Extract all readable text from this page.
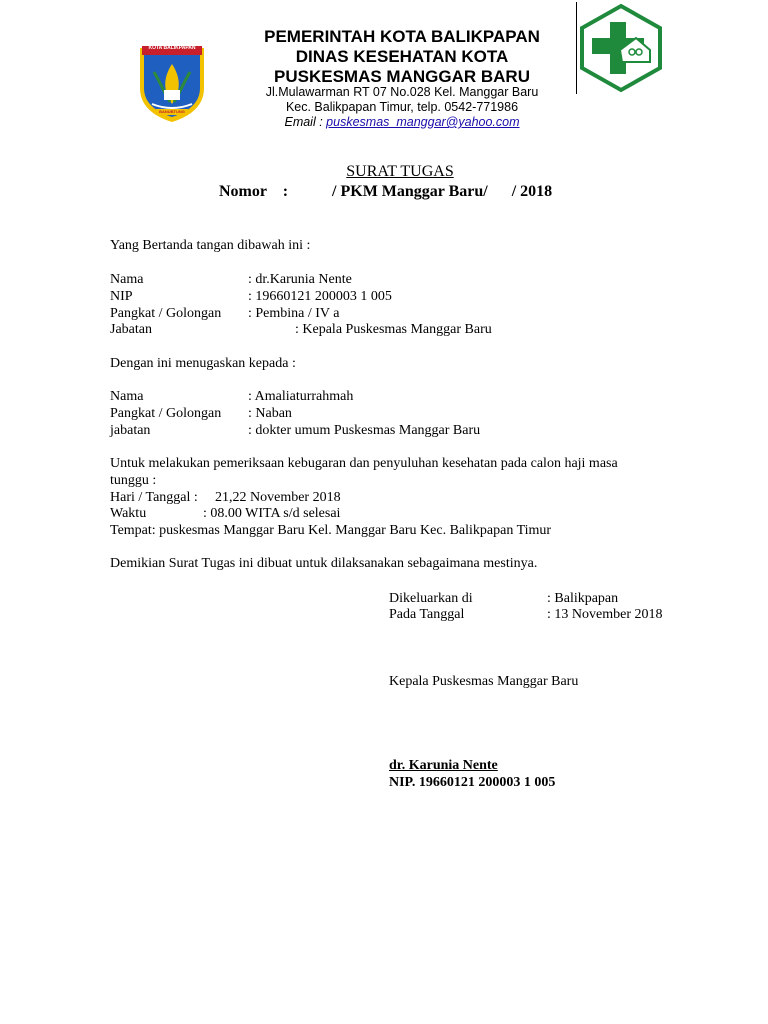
KOTA BALIKPAPAN
BANUBTUNG
PEMERINTAH KOTA BALIKPAPAN
DINAS KESEHATAN KOTA
PUSKESMAS MANGGAR BARU
Jl.Mulawarman RT 07 No.028 Kel. Manggar Baru
Kec. Balikpapan Timur, telp. 0542-771986
Email : puskesmas_manggar@yahoo.com
SURAT TUGAS
Nomor :	/ PKM Manggar Baru/ / 2018
Yang Bertanda tangan dibawah ini :
Nama	: dr.Karunia Nente
NIP	: 19660121 200003 1 005
Pangkat / Golongan : Pembina / IV a
Jabatan	: Kepala Puskesmas Manggar Baru
Dengan ini menugaskan kepada :
Nama	: Amaliaturrahmah
Pangkat / Golongan : Naban
jabatan	: dokter umum Puskesmas Manggar Baru
Untuk melakukan pemeriksaan kebugaran dan penyuluhan kesehatan pada calon haji masa
tunggu :
Hari / Tanggal : 21,22 November 2018
Waktu	: 08.00 WITA s/d selesai
Tempat: puskesmas Manggar Baru Kel. Manggar Baru Kec. Balikpapan Timur
Demikian Surat Tugas ini dibuat untuk dilaksanakan sebagaimana mestinya.
Dikeluarkan di	: Balikpapan
Pada Tanggal	: 13 November 2018
Kepala Puskesmas Manggar Baru
dr. Karunia Nente
NIP. 19660121 200003 1 005
